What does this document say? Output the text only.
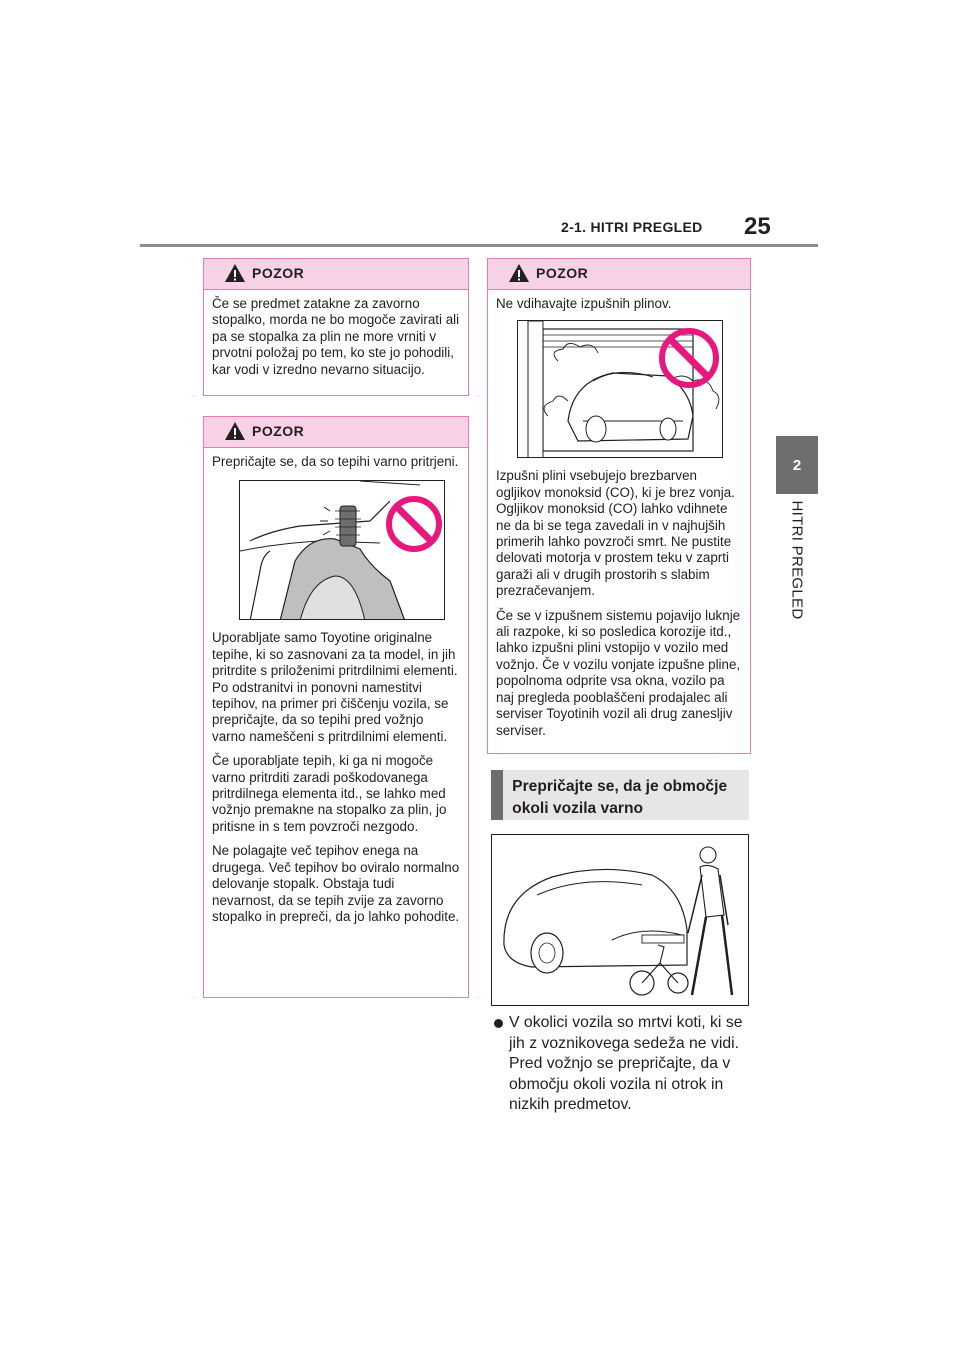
2-1. HITRI PREGLED 25
2
HITRI PREGLED
POZOR

Če se predmet zatakne za zavorno stopalko, morda ne bo mogoče zavirati ali pa se stopalka za plin ne more vrniti v prvotni položaj po tem, ko ste jo pohodili, kar vodi v izredno nevarno situacijo.

POZOR

Prepričajte se, da so tepihi varno pritrjeni.

Uporabljate samo Toyotine originalne tepihe, ki so zasnovani za ta model, in jih pritrdite s priloženimi pritrdilnimi elementi. Po odstranitvi in ponovni namestitvi tepihov, na primer pri čiščenju vozila, se prepričajte, da so tepihi pred vožnjo varno nameščeni s pritrdilnimi elementi.

Če uporabljate tepih, ki ga ni mogoče varno pritrditi zaradi poškodovanega pritrdilnega elementa itd., se lahko med vožnjo premakne na stopalko za plin, jo pritisne in s tem povzroči nezgodo.

Ne polagajte več tepihov enega na drugega. Več tepihov bo oviralo normalno delovanje stopalk. Obstaja tudi nevarnost, da se tepih zvije za zavorno stopalko in prepreči, da jo lahko pohodite.

POZOR

Ne vdihavajte izpušnih plinov.

Izpušni plini vsebujejo brezbarven ogljikov monoksid (CO), ki je brez vonja. Ogljikov monoksid (CO) lahko vdihnete ne da bi se tega zavedali in v najhujših primerih lahko povzroči smrt. Ne pustite delovati motorja v prostem teku v zaprti garaži ali v drugih prostorih s slabim prezračevanjem.

Če se v izpušnem sistemu pojavijo luknje ali razpoke, ki so posledica korozije itd., lahko izpušni plini vstopijo v vozilo med vožnjo. Če v vozilu vonjate izpušne pline, popolnoma odprite vsa okna, vozilo pa naj pregleda pooblaščeni prodajalec ali serviser Toyotinih vozil ali drug zanesljiv serviser.

Prepričajte se, da je območje okoli vozila varno
V okolici vozila so mrtvi koti, ki se jih z voznikovega sedeža ne vidi. Pred vožnjo se prepričajte, da v območju okoli vozila ni otrok in nizkih predmetov.
